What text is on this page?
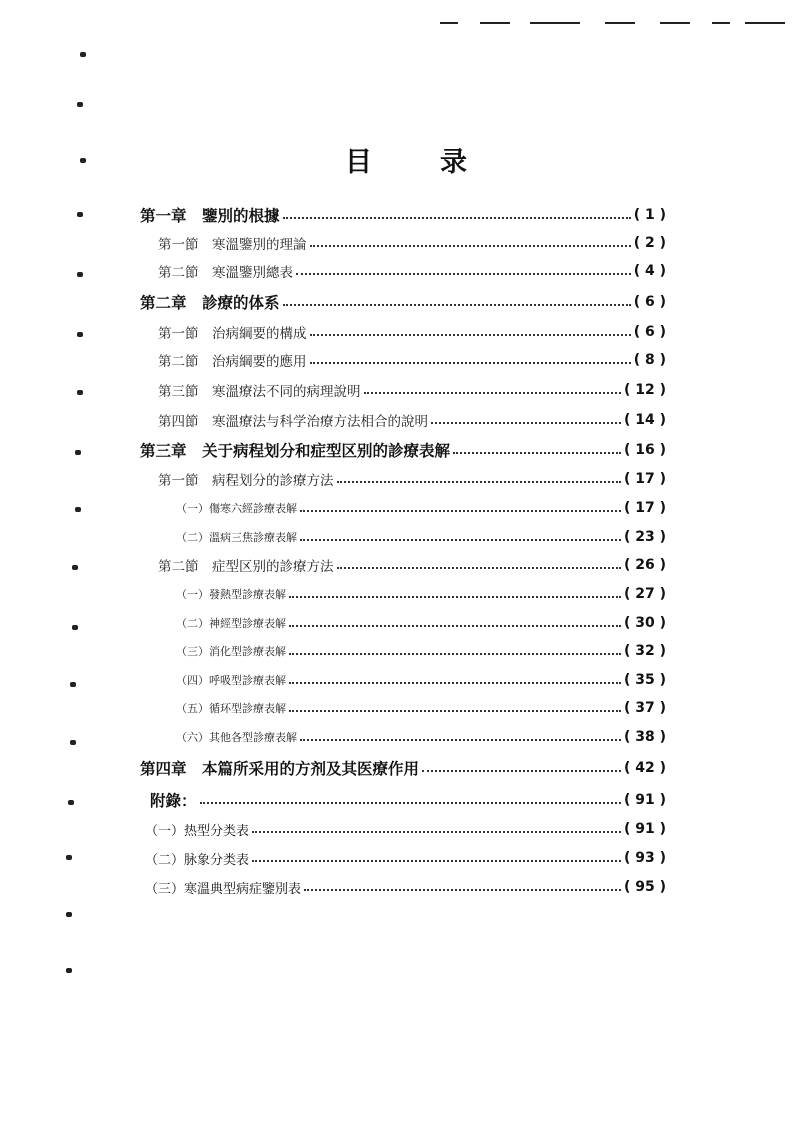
目	录
第一章　鑒別的根據	( 1 )
第一節　寒溫鑒別的理論	( 2 )
第二節　寒溫鑒別總表	( 4 )
第二章　診療的体系	( 6 )
第一節　治病綱要的構成	( 6 )
第二節　治病綱要的應用	( 8 )
第三節　寒溫療法不同的病理說明	( 12 )
第四節　寒溫療法与科学治療方法相合的說明	( 14 )
第三章　关于病程划分和症型区别的診療表解	( 16 )
第一節　病程划分的診療方法	( 17 )
（一）傷寒六經診療表解	( 17 )
（二）溫病三焦診療表解	( 23 )
第二節　症型区别的診療方法	( 26 )
（一）發熱型診療表解	( 27 )
（二）神經型診療表解	( 30 )
（三）消化型診療表解	( 32 )
（四）呼吸型診療表解	( 35 )
（五）循环型診療表解	( 37 )
（六）其他各型診療表解	( 38 )
第四章　本篇所采用的方剂及其医療作用	( 42 )
附錄：	( 91 )
（一）热型分类表	( 91 )
（二）脉象分类表	( 93 )
（三）寒溫典型病症鑒別表	( 95 )
